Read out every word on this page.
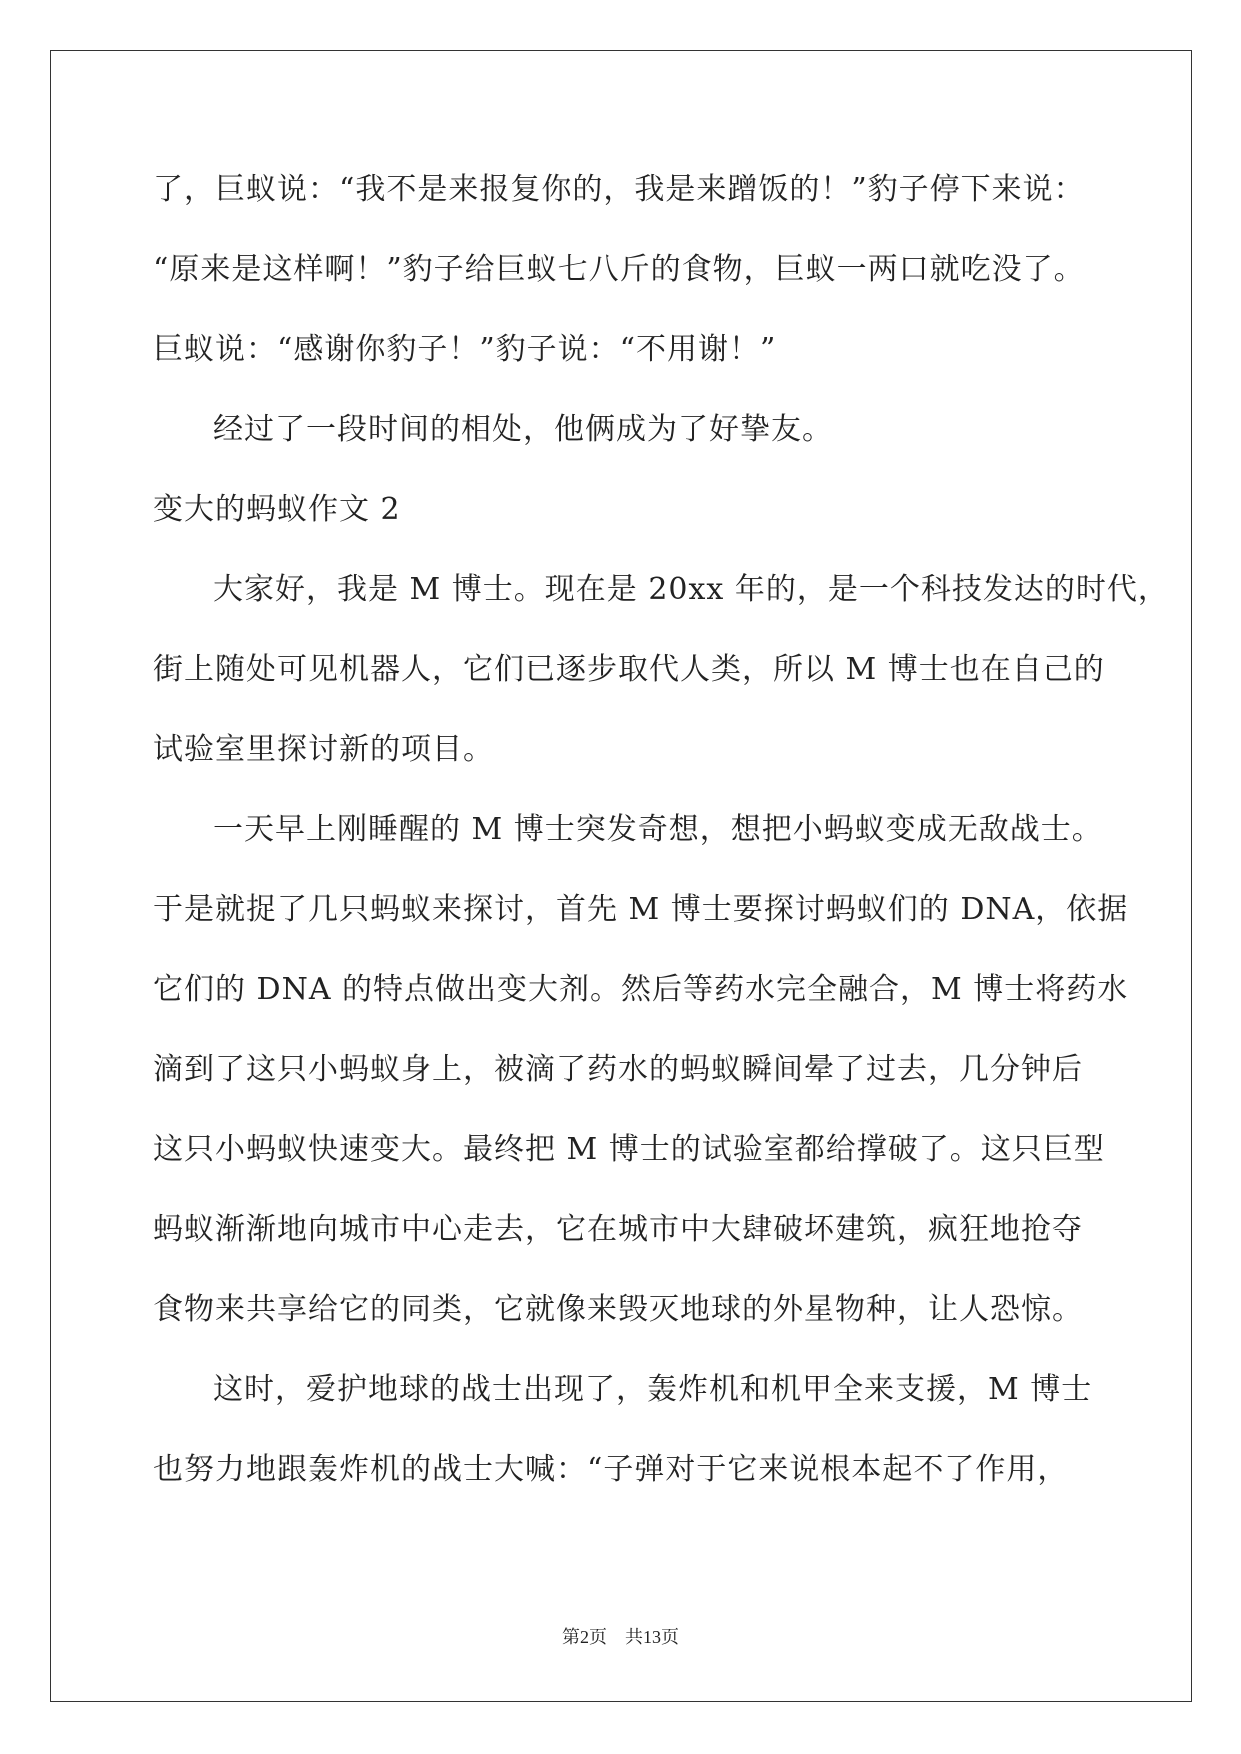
了，巨蚁说：“我不是来报复你的，我是来蹭饭的！”豹子停下来说：
“原来是这样啊！”豹子给巨蚁七八斤的食物，巨蚁一两口就吃没了。
巨蚁说：“感谢你豹子！”豹子说：“不用谢！”
经过了一段时间的相处，他俩成为了好挚友。
变大的蚂蚁作文 2
大家好，我是 M 博士。现在是 20xx 年的，是一个科技发达的时代，
街上随处可见机器人，它们已逐步取代人类，所以 M 博士也在自己的
试验室里探讨新的项目。
一天早上刚睡醒的 M 博士突发奇想，想把小蚂蚁变成无敌战士。
于是就捉了几只蚂蚁来探讨，首先 M 博士要探讨蚂蚁们的 DNA，依据
它们的 DNA 的特点做出变大剂。然后等药水完全融合，M 博士将药水
滴到了这只小蚂蚁身上，被滴了药水的蚂蚁瞬间晕了过去，几分钟后
这只小蚂蚁快速变大。最终把 M 博士的试验室都给撑破了。这只巨型
蚂蚁渐渐地向城市中心走去，它在城市中大肆破坏建筑，疯狂地抢夺
食物来共享给它的同类，它就像来毁灭地球的外星物种，让人恐惊。
这时，爱护地球的战士出现了，轰炸机和机甲全来支援，M 博士
也努力地跟轰炸机的战士大喊：“子弹对于它来说根本起不了作用，
第2页　 共13页
